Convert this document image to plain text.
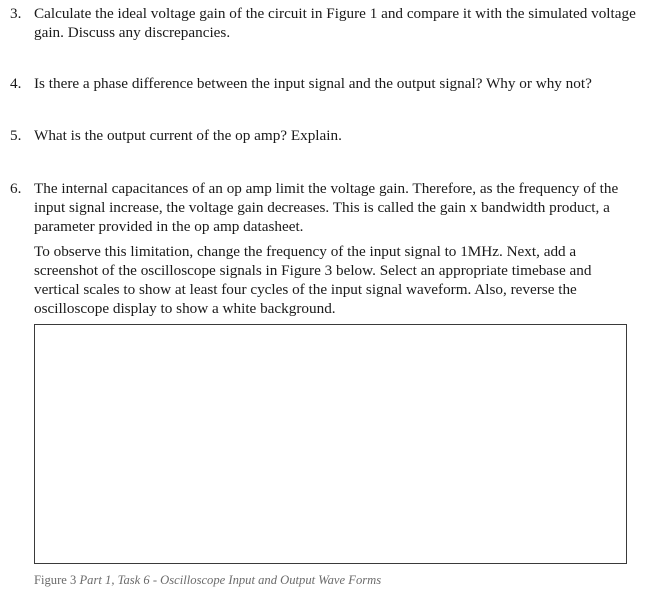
3. Calculate the ideal voltage gain of the circuit in Figure 1 and compare it with the simulated voltage gain. Discuss any discrepancies.
4. Is there a phase difference between the input signal and the output signal? Why or why not?
5. What is the output current of the op amp? Explain.
6. The internal capacitances of an op amp limit the voltage gain. Therefore, as the frequency of the input signal increase, the voltage gain decreases. This is called the gain x bandwidth product, a parameter provided in the op amp datasheet.
To observe this limitation, change the frequency of the input signal to 1MHz. Next, add a screenshot of the oscilloscope signals in Figure 3 below. Select an appropriate timebase and vertical scales to show at least four cycles of the input signal waveform. Also, reverse the oscilloscope display to show a white background.
Figure 3 Part 1, Task 6 - Oscilloscope Input and Output Wave Forms
